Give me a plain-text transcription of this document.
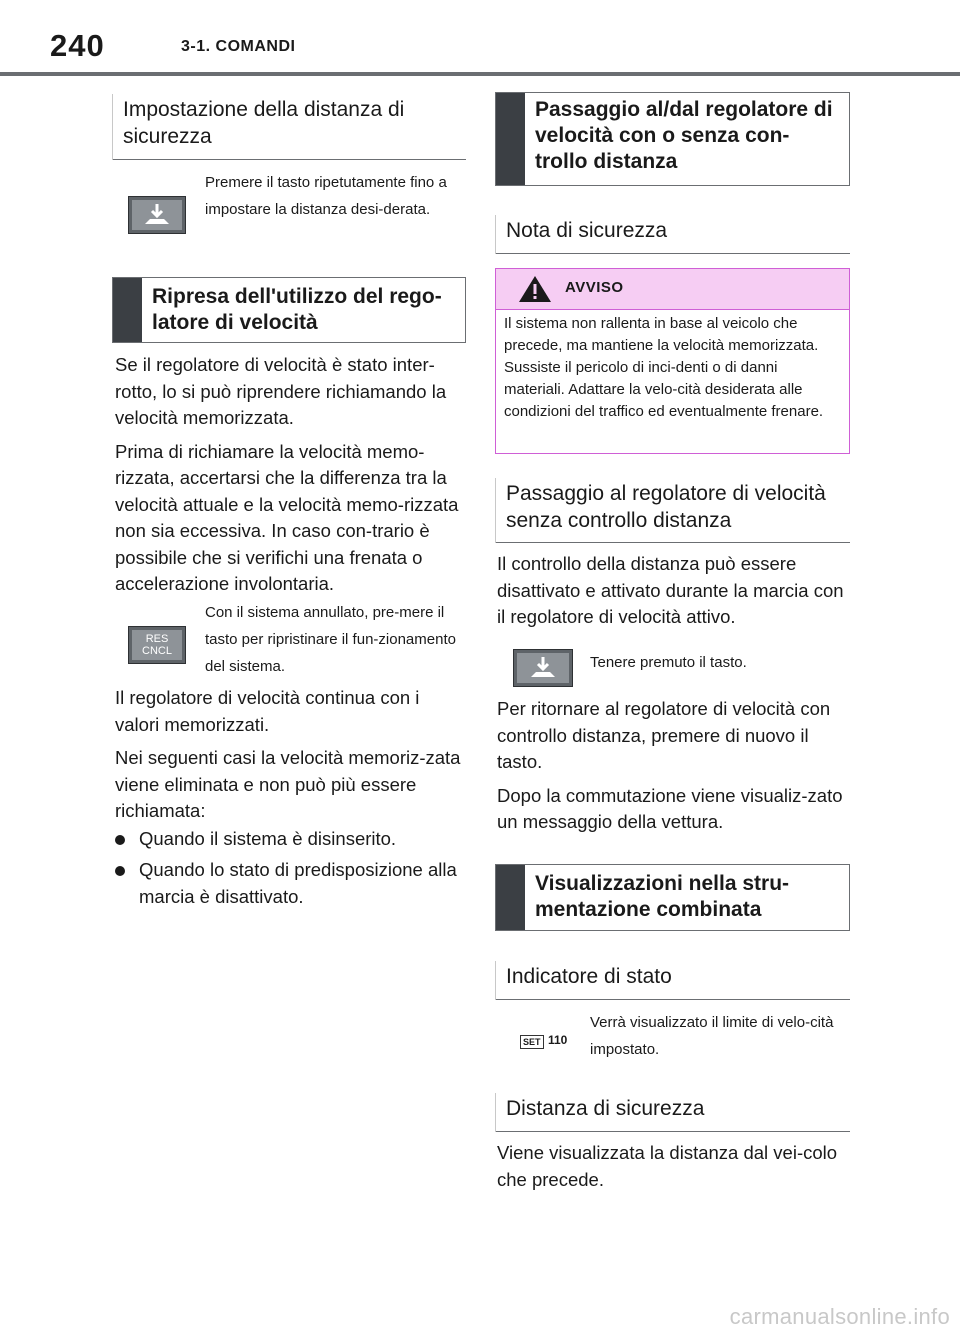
240	3-1. COMANDI
Impostazione della distanza di sicurezza
Premere il tasto ripetutamente fino a impostare la distanza desi-derata.
Ripresa dell'utilizzo del rego-latore di velocità

Se il regolatore di velocità è stato inter-rotto, lo si può riprendere richiamando la velocità memorizzata.

Prima di richiamare la velocità memo-rizzata, accertarsi che la differenza tra la velocità attuale e la velocità memo-rizzata non sia eccessiva. In caso con-trario è possibile che si verifichi una frenata o accelerazione involontaria.

RES
CNCL
Con il sistema annullato, pre-mere il tasto per ripristinare il fun-zionamento del sistema.

Il regolatore di velocità continua con i valori memorizzati.

Nei seguenti casi la velocità memoriz-zata viene eliminata e non può più essere richiamata:

Quando il sistema è disinserito.
Quando lo stato di predisposizione alla marcia è disattivato.
Passaggio al/dal regolatore di velocità con o senza con-trollo distanza
Nota di sicurezza
AVVISO
Il sistema non rallenta in base al veicolo che precede, ma mantiene la velocità memorizzata. Sussiste il pericolo di inci-denti o di danni materiali. Adattare la velo-cità desiderata alle condizioni del traffico ed eventualmente frenare.
Passaggio al regolatore di velocità senza controllo distanza
Il controllo della distanza può essere disattivato e attivato durante la marcia con il regolatore di velocità attivo.
Tenere premuto il tasto.

Per ritornare al regolatore di velocità con controllo distanza, premere di nuovo il tasto.

Dopo la commutazione viene visualiz-zato un messaggio della vettura.

Visualizzazioni nella stru-mentazione combinata
Indicatore di stato
SET 110
Verrà visualizzato il limite di velo-cità impostato.
Distanza di sicurezza
Viene visualizzata la distanza dal vei-colo che precede.
carmanualsonline.info
